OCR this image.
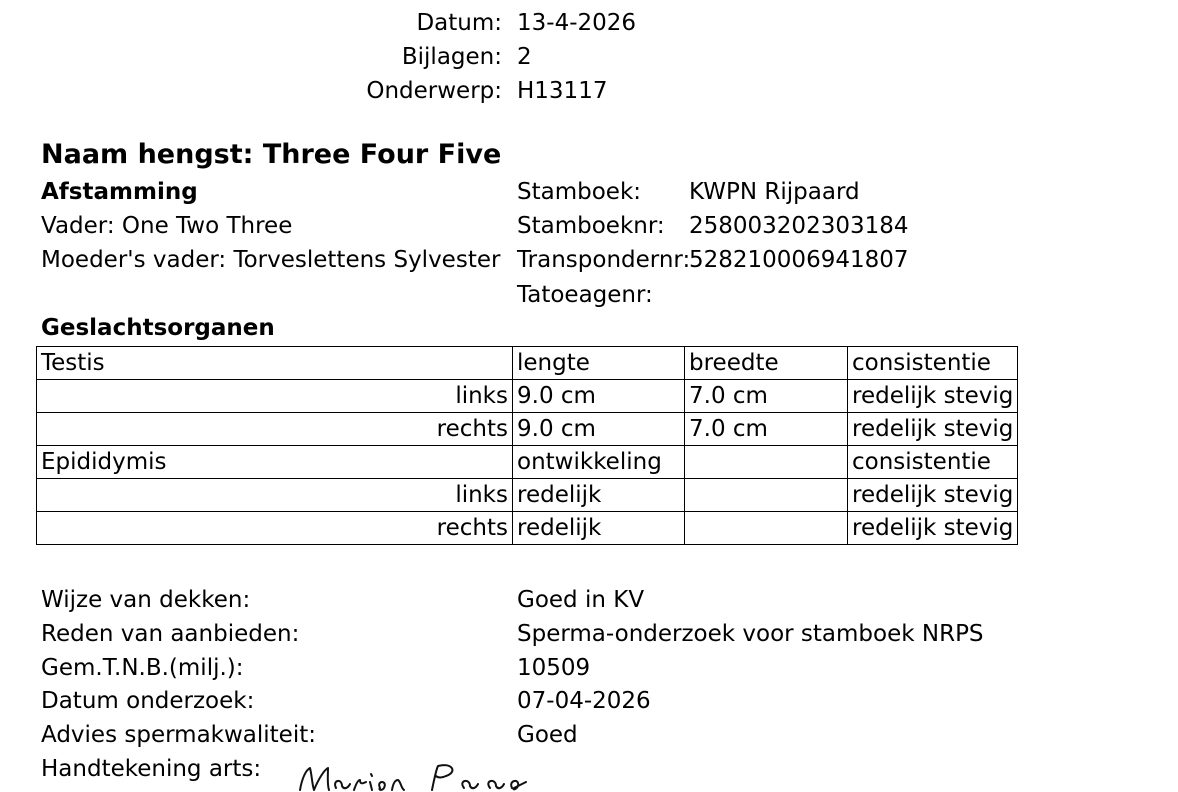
Datum: 13-4-2026
Bijlagen: 2
Onderwerp: H13117
Naam hengst: Three Four Five
Afstamming
Vader: One Two Three
Moeder's vader: Torveslettens Sylvester
Stamboek: KWPN Rijpaard
Stamboeknr: 258003202303184
Transpondernr:
528210006941807
Tatoeagenr:
Geslachtsorganen
Testis	lengte	breedte	consistentie
links	9.0 cm	7.0 cm	redelijk stevig
rechts	9.0 cm	7.0 cm	redelijk stevig
Epididymis	ontwikkeling		consistentie
links	redelijk		redelijk stevig
rechts	redelijk		redelijk stevig
Wijze van dekken:	Goed in KV
Reden van aanbieden:	Sperma-onderzoek voor stamboek NRPS
Gem.T.N.B.(milj.):	10509
Datum onderzoek:	07-04-2026
Advies spermakwaliteit:	Goed
Handtekening arts:
